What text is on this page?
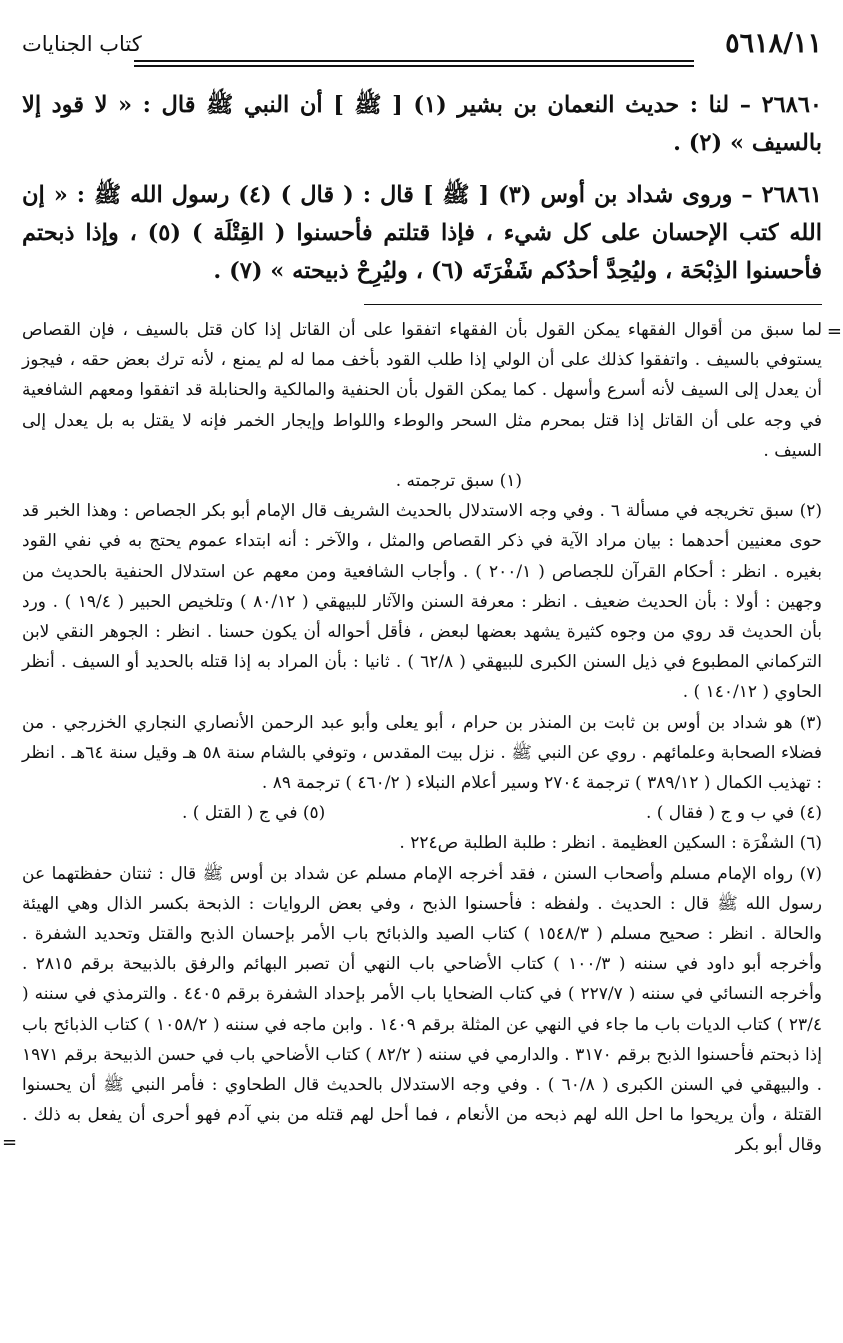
٥٦١٨/١١
كتاب الجنايات

٢٦٨٦٠ – لنا : حديث النعمان بن بشير (١) [ ﷺ ] أن النبي ﷺ قال : « لا قود إلا بالسيف » (٢) .

٢٦٨٦١ – وروى شداد بن أوس (٣) [ ﷺ ] قال : ( قال ) (٤) رسول الله ﷺ : « إن الله كتب الإحسان على كل شيء ، فإذا قتلتم فأحسنوا ( القِتْلَة ) (٥) ، وإذا ذبحتم فأحسنوا الذِبْحَة ، وليُحِدَّ أحدُكم شَفْرَتَه (٦) ، وليُرِحْ ذبيحته » (٧) .

=

لما سبق من أقوال الفقهاء يمكن القول بأن الفقهاء اتفقوا على أن القاتل إذا كان قتل بالسيف ، فإن القصاص يستوفي بالسيف . واتفقوا كذلك على أن الولي إذا طلب القود بأخف مما له لم يمنع ، لأنه ترك بعض حقه ، فيجوز أن يعدل إلى السيف لأنه أسرع وأسهل . كما يمكن القول بأن الحنفية والمالكية والحنابلة قد اتفقوا ومعهم الشافعية في وجه على أن القاتل إذا قتل بمحرم مثل السحر والوطء واللواط وإيجار الخمر فإنه لا يقتل به بل يعدل إلى السيف .

(١) سبق ترجمته .

(٢) سبق تخريجه في مسألة ٦ . وفي وجه الاستدلال بالحديث الشريف قال الإمام أبو بكر الجصاص : وهذا الخبر قد حوى معنيين أحدهما : بيان مراد الآية في ذكر القصاص والمثل ، والآخر : أنه ابتداء عموم يحتج به في نفي القود بغيره . انظر : أحكام القرآن للجصاص ( ٢٠٠/١ ) . وأجاب الشافعية ومن معهم عن استدلال الحنفية بالحديث من وجهين : أولا : بأن الحديث ضعيف . انظر : معرفة السنن والآثار للبيهقي ( ٨٠/١٢ ) وتلخيص الحبير ( ١٩/٤ ) . ورد بأن الحديث قد روي من وجوه كثيرة يشهد بعضها لبعض ، فأقل أحواله أن يكون حسنا . انظر : الجوهر النقي لابن التركماني المطبوع في ذيل السنن الكبرى للبيهقي ( ٦٢/٨ ) . ثانيا : بأن المراد به إذا قتله بالحديد أو السيف . أنظر الحاوي ( ١٤٠/١٢ ) .

(٣) هو شداد بن أوس بن ثابت بن المنذر بن حرام ، أبو يعلى وأبو عبد الرحمن الأنصاري النجاري الخزرجي . من فضلاء الصحابة وعلمائهم . روي عن النبي ﷺ . نزل بيت المقدس ، وتوفي بالشام سنة ٥٨ هـ وقيل سنة ٦٤هـ . انظر : تهذيب الكمال ( ٣٨٩/١٢ ) ترجمة ٢٧٠٤ وسير أعلام النبلاء ( ٤٦٠/٢ ) ترجمة ٨٩ .

(٤) في ب و ج ( فقال ) .
(٥) في ج ( القتل ) .

(٦) الشفْرَة : السكين العظيمة . انظر : طلبة الطلبة ص٢٢٤ .

(٧) رواه الإمام مسلم وأصحاب السنن ، فقد أخرجه الإمام مسلم عن شداد بن أوس ﷺ قال : ثنتان حفظتهما عن رسول الله ﷺ قال : الحديث . ولفظه : فأحسنوا الذبح ، وفي بعض الروايات : الذبحة بكسر الذال وهي الهيئة والحالة . انظر : صحيح مسلم ( ١٥٤٨/٣ ) كتاب الصيد والذبائح باب الأمر بإحسان الذبح والقتل وتحديد الشفرة . وأخرجه أبو داود في سننه ( ١٠٠/٣ ) كتاب الأضاحي باب النهي أن تصبر البهائم والرفق بالذبيحة برقم ٢٨١٥ . وأخرجه النسائي في سننه ( ٢٢٧/٧ ) في كتاب الضحايا باب الأمر بإحداد الشفرة برقم ٤٤٠٥ . والترمذي في سننه ( ٢٣/٤ ) كتاب الديات باب ما جاء في النهي عن المثلة برقم ١٤٠٩ . وابن ماجه في سننه ( ١٠٥٨/٢ ) كتاب الذبائح باب إذا ذبحتم فأحسنوا الذبح برقم ٣١٧٠ . والدارمي في سننه ( ٨٢/٢ ) كتاب الأضاحي باب في حسن الذبيحة برقم ١٩٧١ . والبيهقي في السنن الكبرى ( ٦٠/٨ ) . وفي وجه الاستدلال بالحديث قال الطحاوي : فأمر النبي ﷺ أن يحسنوا القتلة ، وأن يريحوا ما احل الله لهم ذبحه من الأنعام ، فما أحل لهم قتله من بني آدم فهو أحرى أن يفعل به ذلك . وقال أبو بكر

=
